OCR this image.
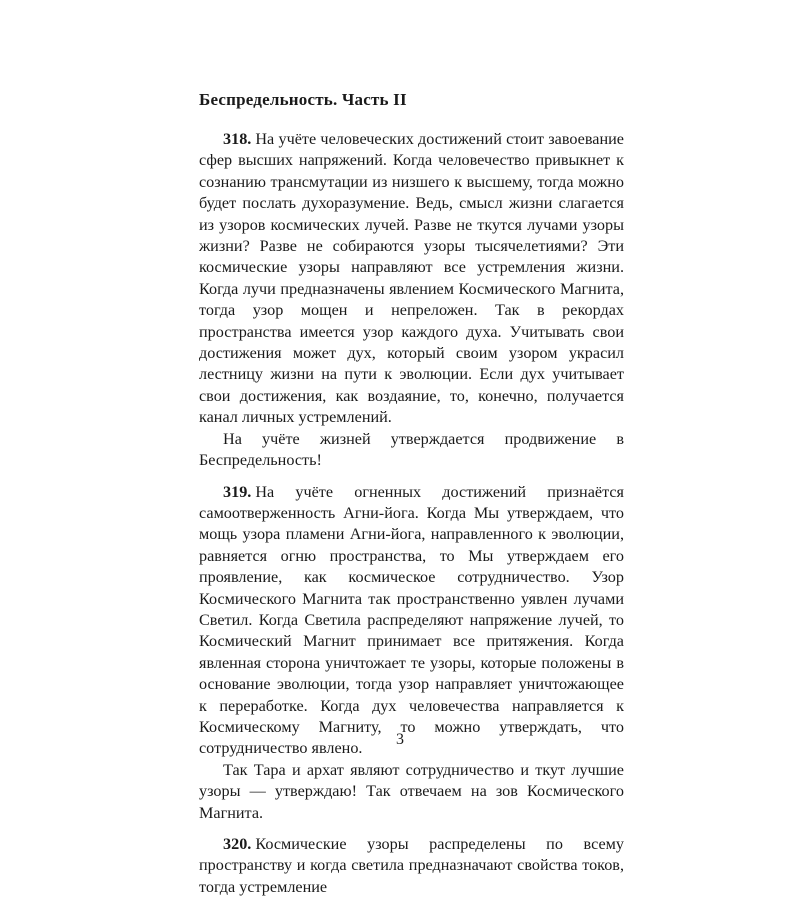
Беспредельность. Часть II

318. На учёте человеческих достижений стоит завоевание сфер высших напряжений. Когда человечество привыкнет к сознанию трансмутации из низшего к высшему, тогда можно будет послать духоразумение. Ведь, смысл жизни слагается из узоров космических лучей. Разве не ткутся лучами узоры жизни? Разве не собираются узоры тысячелетиями? Эти космические узоры направляют все устремления жизни. Когда лучи предназначены явлением Космического Магнита, тогда узор мощен и непреложен. Так в рекордах пространства имеется узор каждого духа. Учитывать свои достижения может дух, который своим узором украсил лестницу жизни на пути к эволюции. Если дух учитывает свои достижения, как воздаяние, то, конечно, получается канал личных устремлений.

На учёте жизней утверждается продвижение в Беспредельность!

319. На учёте огненных достижений признаётся самоотверженность Агни-йога. Когда Мы утверждаем, что мощь узора пламени Агни-йога, направленного к эволюции, равняется огню пространства, то Мы утверждаем его проявление, как космическое сотрудничество. Узор Космического Магнита так пространственно уявлен лучами Светил. Когда Светила распределяют напряжение лучей, то Космический Магнит принимает все притяжения. Когда явленная сторона уничтожает те узоры, которые положены в основание эволюции, тогда узор направляет уничтожающее к переработке. Когда дух человечества направляется к Космическому Магниту, то можно утверждать, что сотрудничество явлено.

Так Тара и архат являют сотрудничество и ткут лучшие узоры — утверждаю! Так отвечаем на зов Космического Магнита.

320. Космические узоры распределены по всему пространству и когда светила предназначают свойства токов, тогда устремление

3
